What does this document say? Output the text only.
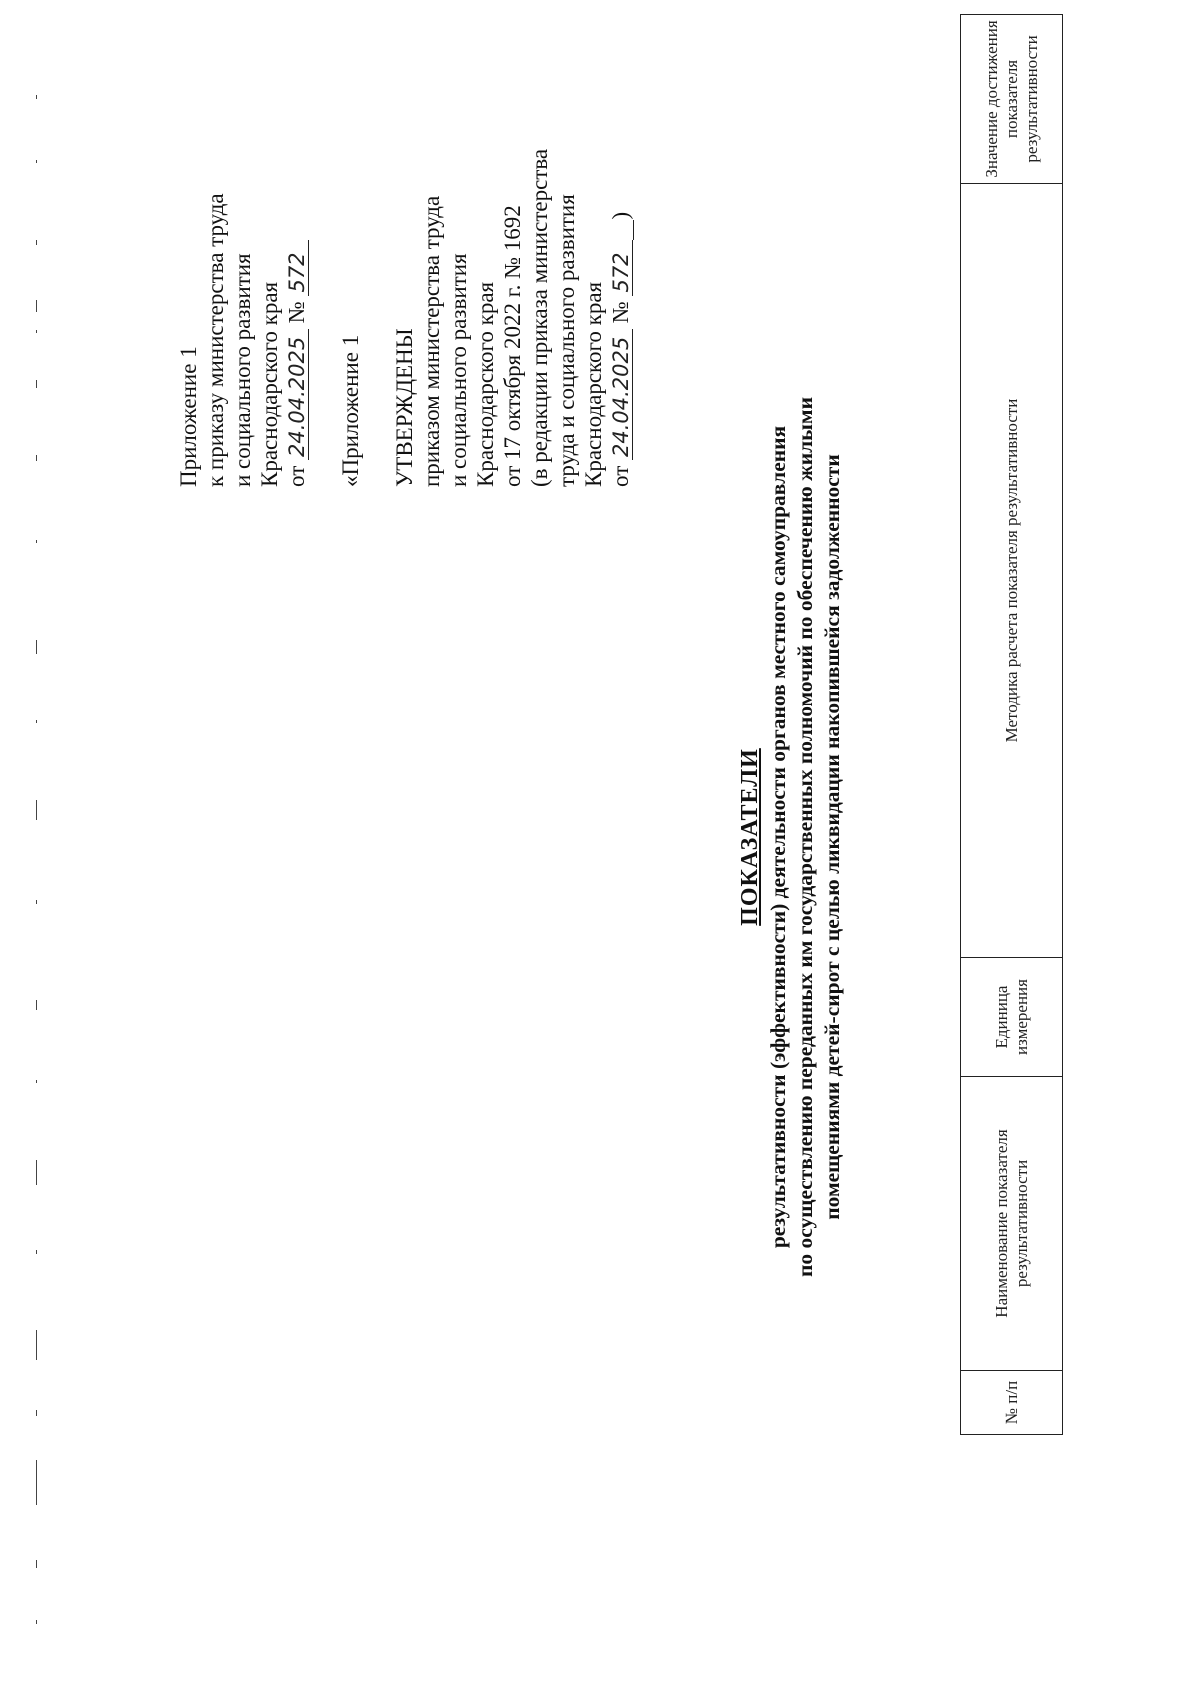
Приложение 1 к приказу министерства труда и социального развития Краснодарского края от 24.04.2025 № 572
«Приложение 1 УТВЕРЖДЕНЫ приказом министерства труда и социального развития Краснодарского края от 17 октября 2022 г. № 1692 (в редакции приказа министерства труда и социального развития Краснодарского края от 24.04.2025 № 572)
ПОКАЗАТЕЛИ результативности (эффективности) деятельности органов местного самоуправления по осуществлению переданных им государственных полномочий по обеспечению жилыми помещениями детей-сирот с целью ликвидации накопившейся задолженности
№ п/п	Наименование показателя результативности	Единица измерения	Методика расчета показателя результативности	Значение достижения показателя результативности
